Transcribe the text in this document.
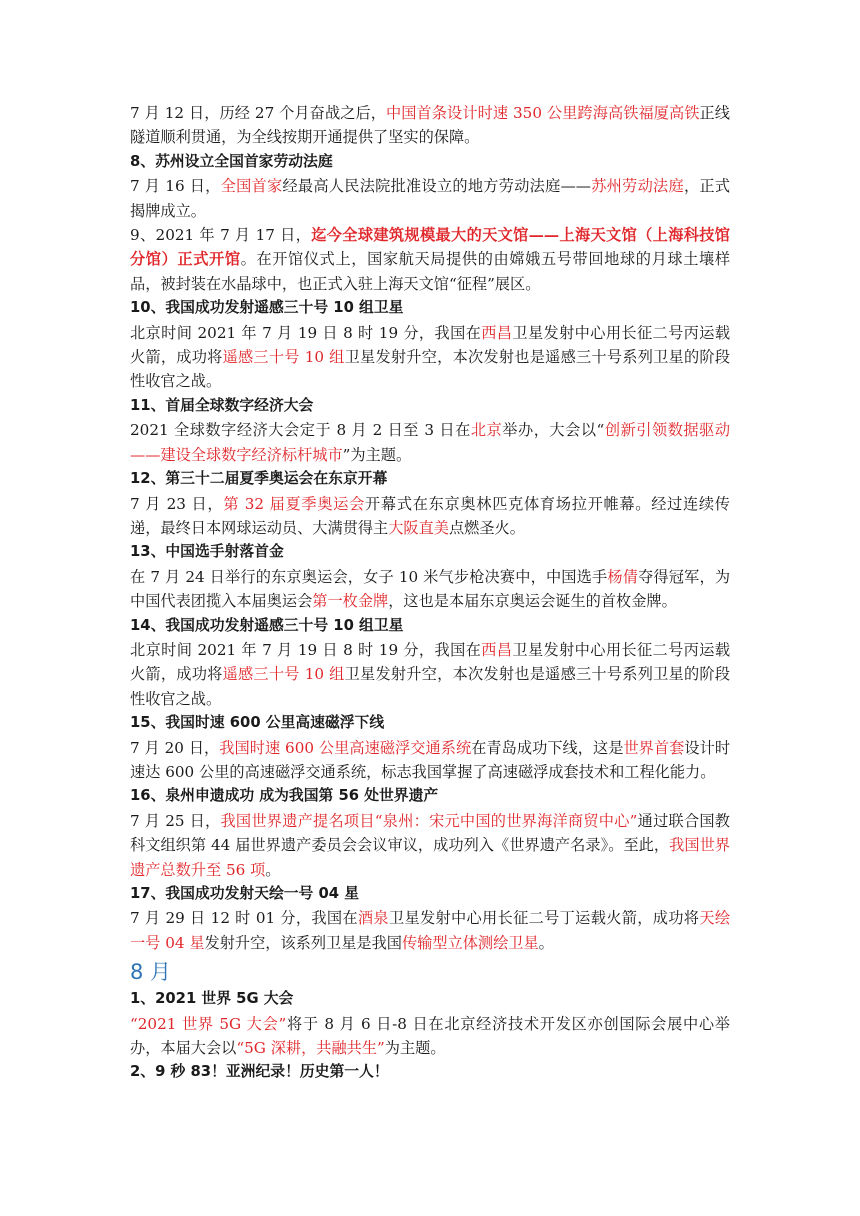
7 月 12 日，历经 27 个月奋战之后，中国首条设计时速 350 公里跨海高铁福厦高铁正线隧道顺利贯通，为全线按期开通提供了坚实的保障。
8、苏州设立全国首家劳动法庭
7 月 16 日，全国首家经最高人民法院批准设立的地方劳动法庭——苏州劳动法庭，正式揭牌成立。
9、2021 年 7 月 17 日，迄今全球建筑规模最大的天文馆——上海天文馆（上海科技馆分馆）正式开馆。在开馆仪式上，国家航天局提供的由嫦娥五号带回地球的月球土壤样品，被封装在水晶球中，也正式入驻上海天文馆“征程”展区。
10、我国成功发射遥感三十号 10 组卫星
北京时间 2021 年 7 月 19 日 8 时 19 分，我国在西昌卫星发射中心用长征二号丙运载火箭，成功将遥感三十号 10 组卫星发射升空，本次发射也是遥感三十号系列卫星的阶段性收官之战。
11、首届全球数字经济大会
2021 全球数字经济大会定于 8 月 2 日至 3 日在北京举办，大会以“创新引领数据驱动——建设全球数字经济标杆城市”为主题。
12、第三十二届夏季奥运会在东京开幕
7 月 23 日，第 32 届夏季奥运会开幕式在东京奥林匹克体育场拉开帷幕。经过连续传递，最终日本网球运动员、大满贯得主大阪直美点燃圣火。
13、中国选手射落首金
在 7 月 24 日举行的东京奥运会，女子 10 米气步枪决赛中，中国选手杨倩夺得冠军，为中国代表团揽入本届奥运会第一枚金牌，这也是本届东京奥运会诞生的首枚金牌。
14、我国成功发射遥感三十号 10 组卫星
北京时间 2021 年 7 月 19 日 8 时 19 分，我国在西昌卫星发射中心用长征二号丙运载火箭，成功将遥感三十号 10 组卫星发射升空，本次发射也是遥感三十号系列卫星的阶段性收官之战。
15、我国时速 600 公里高速磁浮下线
7 月 20 日，我国时速 600 公里高速磁浮交通系统在青岛成功下线，这是世界首套设计时速达 600 公里的高速磁浮交通系统，标志我国掌握了高速磁浮成套技术和工程化能力。
16、泉州申遗成功 成为我国第 56 处世界遗产
7 月 25 日，我国世界遗产提名项目“泉州：宋元中国的世界海洋商贸中心”通过联合国教科文组织第 44 届世界遗产委员会会议审议，成功列入《世界遗产名录》。至此，我国世界遗产总数升至 56 项。
17、我国成功发射天绘一号 04 星
7 月 29 日 12 时 01 分，我国在酒泉卫星发射中心用长征二号丁运载火箭，成功将天绘一号 04 星发射升空，该系列卫星是我国传输型立体测绘卫星。
8 月
1、2021 世界 5G 大会
“2021 世界 5G 大会”将于 8 月 6 日-8 日在北京经济技术开发区亦创国际会展中心举办，本届大会以“5G 深耕，共融共生”为主题。
2、9 秒 83！亚洲纪录！历史第一人！
